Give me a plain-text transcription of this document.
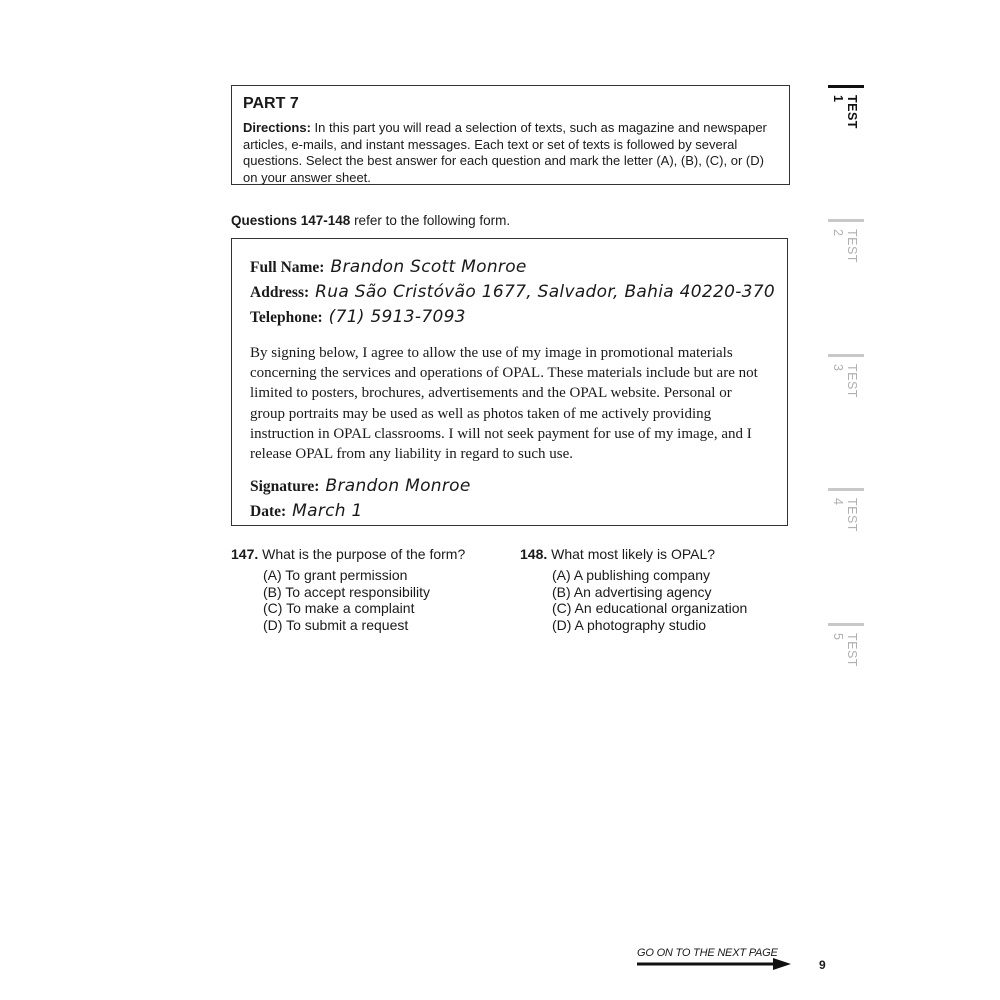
PART 7

Directions: In this part you will read a selection of texts, such as magazine and newspaper articles, e-mails, and instant messages. Each text or set of texts is followed by several questions. Select the best answer for each question and mark the letter (A), (B), (C), or (D) on your answer sheet.

Questions 147-148 refer to the following form.
Full Name: Brandon Scott Monroe
Address: Rua São Cristóvão 1677, Salvador, Bahia 40220-370
Telephone: (71) 5913-7093

By signing below, I agree to allow the use of my image in promotional materials concerning the services and operations of OPAL. These materials include but are not limited to posters, brochures, advertisements and the OPAL website. Personal or group portraits may be used as well as photos taken of me actively providing instruction in OPAL classrooms. I will not seek payment for use of my image, and I release OPAL from any liability in regard to such use.

Signature: Brandon Monroe
Date: March 1
147. What is the purpose of the form?
(A) To grant permission
(B) To accept responsibility
(C) To make a complaint
(D) To submit a request
148. What most likely is OPAL?
(A) A publishing company
(B) An advertising agency
(C) An educational organization
(D) A photography studio
TEST 1
TEST 2
TEST 3
TEST 4
TEST 5
GO ON TO THE NEXT PAGE
9
